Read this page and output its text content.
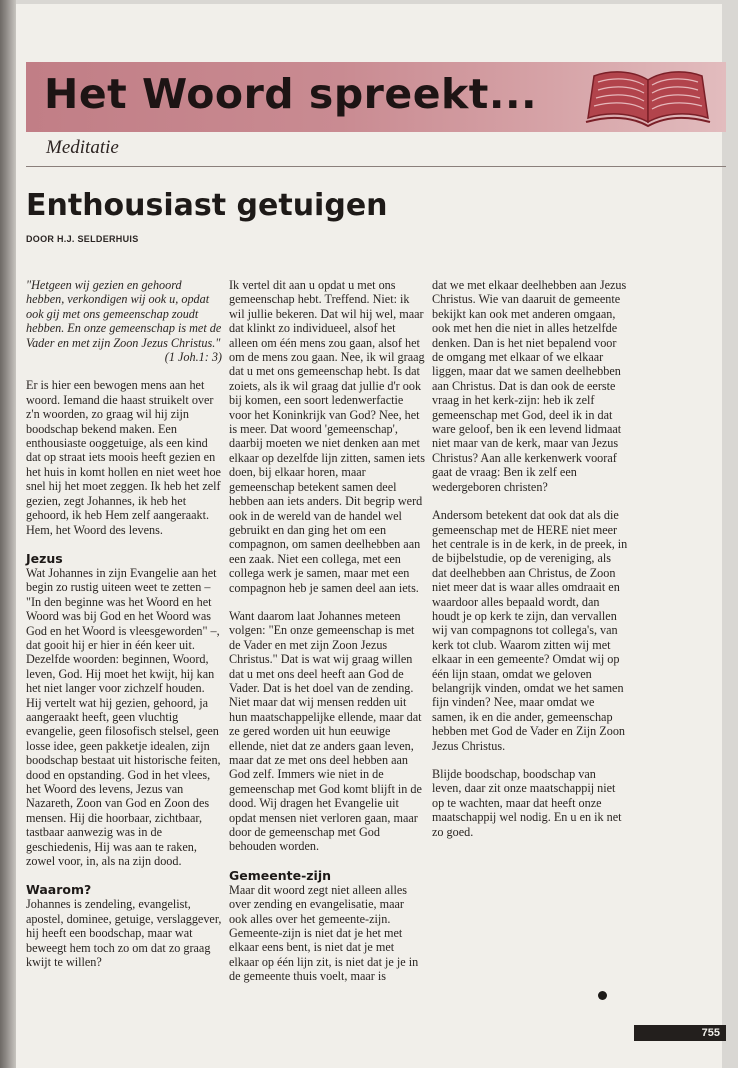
Het Woord spreekt...
Meditatie
Enthousiast getuigen
DOOR H.J. SELDERHUIS

"Hetgeen wij gezien en gehoord hebben, verkondigen wij ook u, opdat ook gij met ons gemeenschap zoudt hebben. En onze gemeenschap is met de Vader en met zijn Zoon Jezus Christus."
(1 Joh.1: 3)

Er is hier een bewogen mens aan het woord. Iemand die haast struikelt over z'n woorden, zo graag wil hij zijn boodschap bekend maken. Een enthousiaste ooggetuige, als een kind dat op straat iets moois heeft gezien en het huis in komt hollen en niet weet hoe snel hij het moet zeggen. Ik heb het zelf gezien, zegt Johannes, ik heb het gehoord, ik heb Hem zelf aangeraakt. Hem, het Woord des levens.

Jezus

Wat Johannes in zijn Evangelie aan het begin zo rustig uiteen weet te zetten – "In den beginne was het Woord en het Woord was bij God en het Woord was God en het Woord is vleesgeworden" –, dat gooit hij er hier in één keer uit. Dezelfde woorden: beginnen, Woord, leven, God. Hij moet het kwijt, hij kan het niet langer voor zichzelf houden. Hij vertelt wat hij gezien, gehoord, ja aangeraakt heeft, geen vluchtig evangelie, geen filosofisch stelsel, geen losse idee, geen pakketje idealen, zijn boodschap bestaat uit historische feiten, dood en opstanding. God in het vlees, het Woord des levens, Jezus van Nazareth, Zoon van God en Zoon des mensen. Hij die hoorbaar, zichtbaar, tastbaar aanwezig was in de geschiedenis, Hij was aan te raken, zowel voor, in, als na zijn dood.

Waarom?

Johannes is zendeling, evangelist, apostel, dominee, getuige, verslaggever, hij heeft een boodschap, maar wat beweegt hem toch zo om dat zo graag kwijt te willen?

Ik vertel dit aan u opdat u met ons gemeenschap hebt. Treffend. Niet: ik wil jullie bekeren. Dat wil hij wel, maar dat klinkt zo individueel, alsof het alleen om één mens zou gaan, alsof het om de mens zou gaan. Nee, ik wil graag dat u met ons gemeenschap hebt. Is dat zoiets, als ik wil graag dat jullie d'r ook bij komen, een soort ledenwerfactie voor het Koninkrijk van God? Nee, het is meer. Dat woord 'gemeenschap', daarbij moeten we niet denken aan met elkaar op dezelfde lijn zitten, samen iets doen, bij elkaar horen, maar gemeenschap betekent samen deel hebben aan iets anders. Dit begrip werd ook in de wereld van de handel wel gebruikt en dan ging het om een compagnon, om samen deelhebben aan een zaak. Niet een collega, met een collega werk je samen, maar met een compagnon heb je samen deel aan iets.

Want daarom laat Johannes meteen volgen: "En onze gemeenschap is met de Vader en met zijn Zoon Jezus Christus." Dat is wat wij graag willen dat u met ons deel heeft aan God de Vader. Dat is het doel van de zending. Niet maar dat wij mensen redden uit hun maatschappelijke ellende, maar dat ze gered worden uit hun eeuwige ellende, niet dat ze anders gaan leven, maar dat ze met ons deel hebben aan God zelf. Immers wie niet in de gemeenschap met God komt blijft in de dood. Wij dragen het Evangelie uit opdat mensen niet verloren gaan, maar door de gemeenschap met God behouden worden.

Gemeente-zijn

Maar dit woord zegt niet alleen alles over zending en evangelisatie, maar ook alles over het gemeente-zijn. Gemeente-zijn is niet dat je het met elkaar eens bent, is niet dat je met elkaar op één lijn zit, is niet dat je je in de gemeente thuis voelt, maar is

dat we met elkaar deelhebben aan Jezus Christus. Wie van daaruit de gemeente bekijkt kan ook met anderen omgaan, ook met hen die niet in alles hetzelfde denken. Dan is het niet bepalend voor de omgang met elkaar of we elkaar liggen, maar dat we samen deelhebben aan Christus. Dat is dan ook de eerste vraag in het kerk-zijn: heb ik zelf gemeenschap met God, deel ik in dat ware geloof, ben ik een levend lidmaat niet maar van de kerk, maar van Jezus Christus? Aan alle kerkenwerk vooraf gaat de vraag: Ben ik zelf een wedergeboren christen?

Andersom betekent dat ook dat als die gemeenschap met de HERE niet meer het centrale is in de kerk, in de preek, in de bijbelstudie, op de vereniging, als dat deelhebben aan Christus, de Zoon niet meer dat is waar alles omdraait en waardoor alles bepaald wordt, dan houdt je op kerk te zijn, dan vervallen wij van compagnons tot collega's, van kerk tot club. Waarom zitten wij met elkaar in een gemeente? Omdat wij op één lijn staan, omdat we geloven belangrijk vinden, omdat we het samen fijn vinden? Nee, maar omdat we samen, ik en die ander, gemeenschap hebben met God de Vader en Zijn Zoon Jezus Christus.

Blijde boodschap, boodschap van leven, daar zit onze maatschappij niet op te wachten, maar dat heeft onze maatschappij wel nodig. En u en ik net zo goed.

755
